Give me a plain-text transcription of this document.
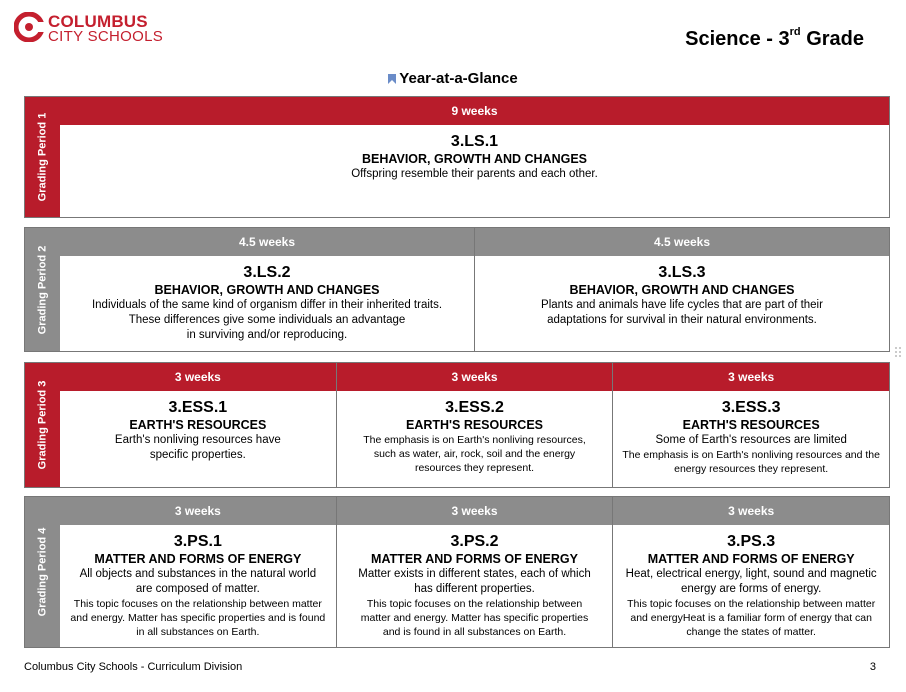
COLUMBUS
CITY SCHOOLS	Science - 3rd Grade
Year-at-a-Glance
Grading Period 1
9 weeks
3.LS.1
BEHAVIOR, GROWTH AND CHANGES
Offspring resemble their parents and each other.
Grading Period 2
4.5 weeks
3.LS.2
BEHAVIOR, GROWTH AND CHANGES
Individuals of the same kind of organism differ in their inherited traits.
These differences give some individuals an advantage
in surviving and/or reproducing.
4.5 weeks
3.LS.3
BEHAVIOR, GROWTH AND CHANGES
Plants and animals have life cycles that are part of their
adaptations for survival in their natural environments.
Grading Period 3
3 weeks
3.ESS.1
EARTH'S RESOURCES
Earth's nonliving resources have
specific properties.
3 weeks
3.ESS.2
EARTH'S RESOURCES
The emphasis is on Earth's nonliving resources,
such as water, air, rock, soil and the energy
resources they represent.
3 weeks
3.ESS.3
EARTH'S RESOURCES
Some of Earth's resources are limited
The emphasis is on Earth's nonliving resources and the
energy resources they represent.
Grading Period 4
3 weeks
3.PS.1
MATTER AND FORMS OF ENERGY
All objects and substances in the natural world
are composed of matter.
This topic focuses on the relationship between matter
and energy. Matter has specific properties and is found
in all substances on Earth.
3 weeks
3.PS.2
MATTER AND FORMS OF ENERGY
Matter exists in different states, each of which
has different properties.
This topic focuses on the relationship between
matter and energy. Matter has specific properties
and is found in all substances on Earth.
3 weeks
3.PS.3
MATTER AND FORMS OF ENERGY
Heat, electrical energy, light, sound and magnetic
energy are forms of energy.
This topic focuses on the relationship between matter
and energyHeat is a familiar form of energy that can
change the states of matter.
Columbus City Schools - Curriculum Division	3
